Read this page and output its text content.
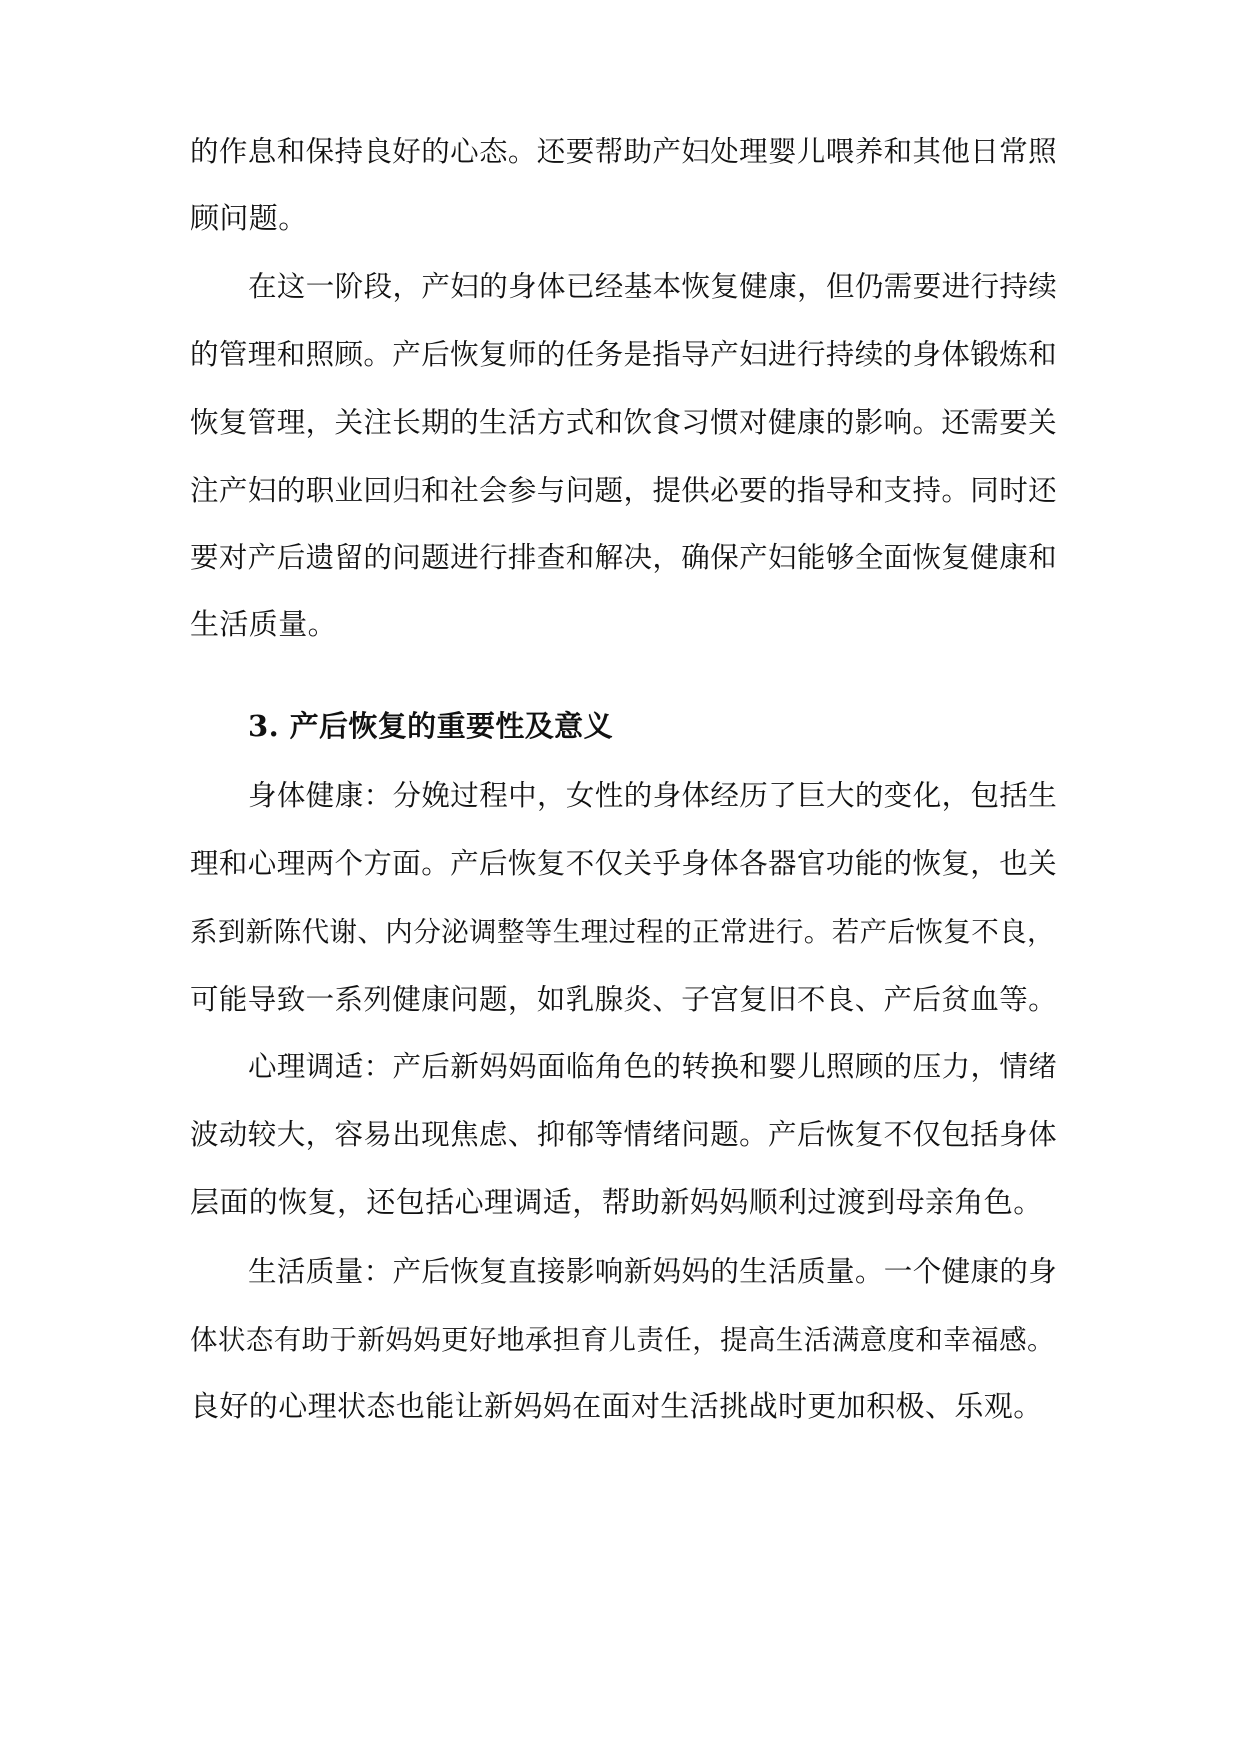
的作息和保持良好的心态。还要帮助产妇处理婴儿喂养和其他日常照
顾问题。
在这一阶段，产妇的身体已经基本恢复健康，但仍需要进行持续
的管理和照顾。产后恢复师的任务是指导产妇进行持续的身体锻炼和
恢复管理，关注长期的生活方式和饮食习惯对健康的影响。还需要关
注产妇的职业回归和社会参与问题，提供必要的指导和支持。同时还
要对产后遗留的问题进行排查和解决，确保产妇能够全面恢复健康和
生活质量。
3. 产后恢复的重要性及意义
身体健康：分娩过程中，女性的身体经历了巨大的变化，包括生
理和心理两个方面。产后恢复不仅关乎身体各器官功能的恢复，也关
系到新陈代谢、内分泌调整等生理过程的正常进行。若产后恢复不良，
可能导致一系列健康问题，如乳腺炎、子宫复旧不良、产后贫血等。
心理调适：产后新妈妈面临角色的转换和婴儿照顾的压力，情绪
波动较大，容易出现焦虑、抑郁等情绪问题。产后恢复不仅包括身体
层面的恢复，还包括心理调适，帮助新妈妈顺利过渡到母亲角色。
生活质量：产后恢复直接影响新妈妈的生活质量。一个健康的身
体状态有助于新妈妈更好地承担育儿责任，提高生活满意度和幸福感。
良好的心理状态也能让新妈妈在面对生活挑战时更加积极、乐观。
